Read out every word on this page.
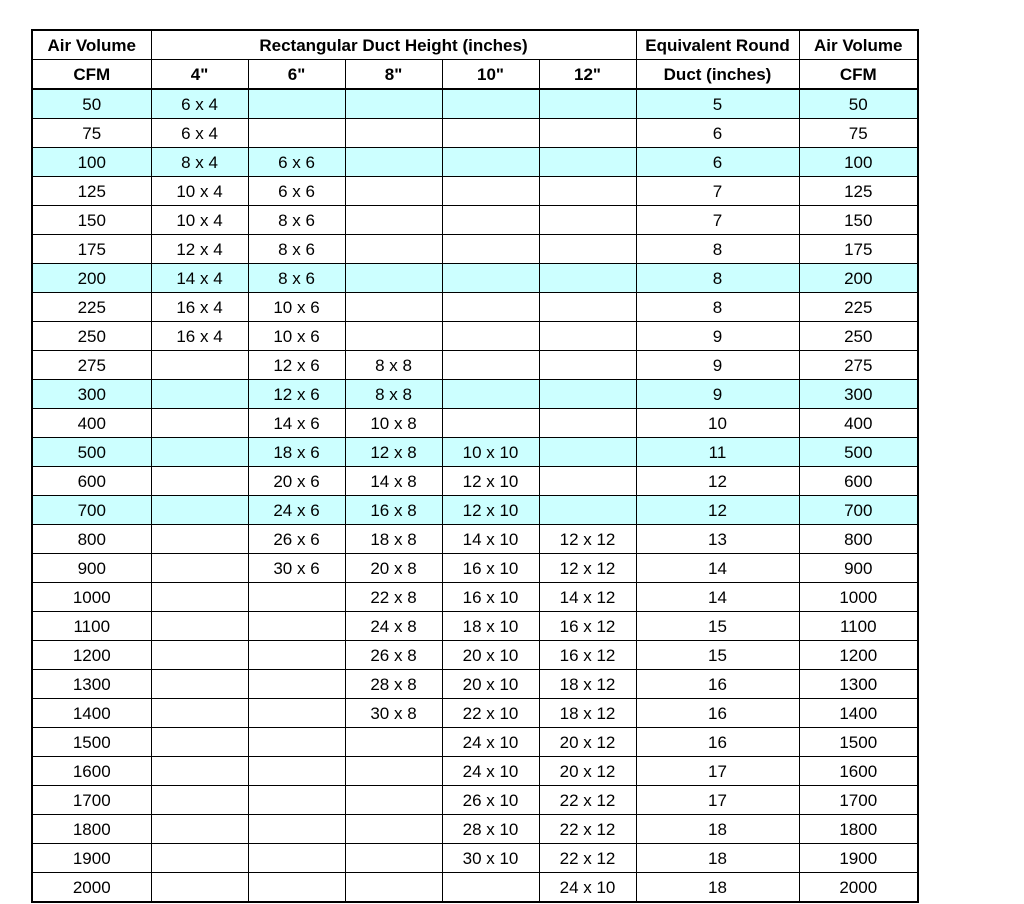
Air Volume	Rectangular Duct Height (inches)					Equivalent Round	Air Volume
CFM	4"	6"	8"	10"	12"	Duct (inches)	CFM
50	6 x 4					5	50
75	6 x 4					6	75
100	8 x 4	6 x 6				6	100
125	10 x 4	6 x 6				7	125
150	10 x 4	8 x 6				7	150
175	12 x 4	8 x 6				8	175
200	14 x 4	8 x 6				8	200
225	16 x 4	10 x 6				8	225
250	16 x 4	10 x 6				9	250
275		12 x 6	8 x 8			9	275
300		12 x 6	8 x 8			9	300
400		14 x 6	10 x 8			10	400
500		18 x 6	12 x 8	10 x 10		11	500
600		20 x 6	14 x 8	12 x 10		12	600
700		24 x 6	16 x 8	12 x 10		12	700
800		26 x 6	18 x 8	14 x 10	12 x 12	13	800
900		30 x 6	20 x 8	16 x 10	12 x 12	14	900
1000			22 x 8	16 x 10	14 x 12	14	1000
1100			24 x 8	18 x 10	16 x 12	15	1100
1200			26 x 8	20 x 10	16 x 12	15	1200
1300			28 x 8	20 x 10	18 x 12	16	1300
1400			30 x 8	22 x 10	18 x 12	16	1400
1500				24 x 10	20 x 12	16	1500
1600				24 x 10	20 x 12	17	1600
1700				26 x 10	22 x 12	17	1700
1800				28 x 10	22 x 12	18	1800
1900				30 x 10	22 x 12	18	1900
2000					24 x 10	18	2000
